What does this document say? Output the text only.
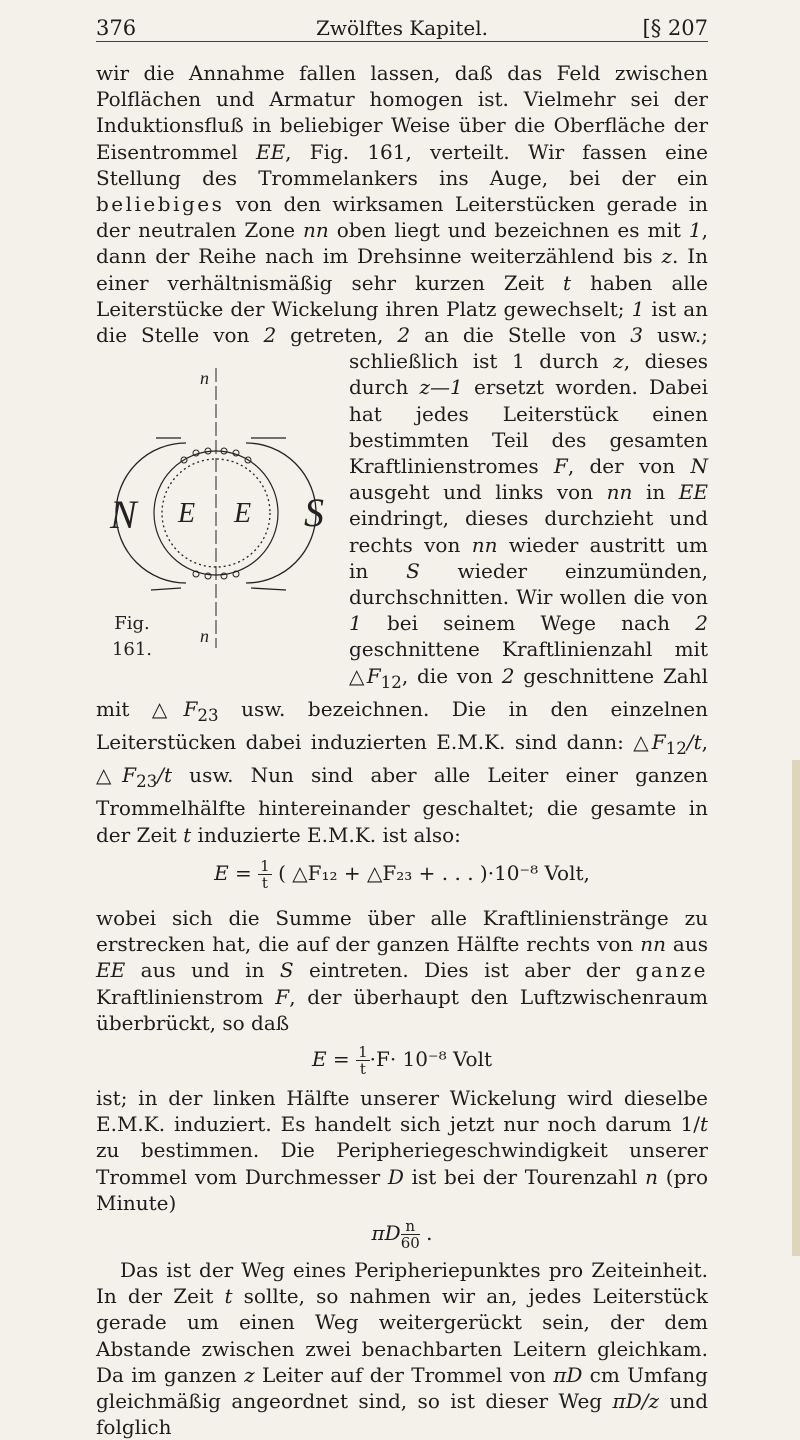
376	Zwölftes Kapitel.	[§ 207

wir die Annahme fallen lassen, daß das Feld zwischen Polflächen und Armatur homogen ist. Vielmehr sei der Induktionsfluß in beliebiger Weise über die Oberfläche der Eisentrommel EE, Fig. 161, verteilt. Wir fassen eine Stellung des Trommelankers ins Auge, bei der ein beliebiges von den wirksamen Leiterstücken gerade in der neutralen Zone nn oben liegt und bezeichnen es mit 1, dann der Reihe nach im Drehsinne weiterzählend bis z. In einer verhältnismäßig sehr kurzen Zeit t haben alle Leiterstücke der Wickelung ihren Platz gewechselt; 1 ist an die Stelle von 2 getreten, 2 an die Stelle von 3 usw.; schließlich ist
N	S
E E
n
n
Fig. 161.
1 durch z, dieses durch z—1 ersetzt worden. Dabei hat jedes Leiterstück einen bestimmten Teil des gesamten Kraftlinienstromes F, der von N ausgeht und links von nn in EE eindringt, dieses durchzieht und rechts von nn wieder austritt um in S wieder einzumünden, durchschnitten. Wir wollen die von 1 bei seinem Wege nach 2 geschnittene Kraftlinienzahl mit $\triangle F_{12}$, die von 2 geschnittene Zahl mit $\triangle F_{23}$ usw. bezeichnen. Die in den einzelnen Leiterstücken dabei induzierten E.M.K. sind dann: $\triangle F_{12}/t$, $\triangle F_{23}/t$ usw. Nun sind aber alle Leiter einer ganzen Trommelhälfte hintereinander geschaltet; die gesamte in der Zeit t induzierte E.M.K. ist also:

$E = \frac{1}{t}$ ( △F₁₂ + △F₂₃ + . . . )·10⁻⁸ Volt,

wobei sich die Summe über alle Kraftlinienstränge zu erstrecken hat, die auf der ganzen Hälfte rechts von nn aus EE aus und in S eintreten. Dies ist aber der ganze Kraftlinienstrom F, der überhaupt den Luftzwischenraum überbrückt, so daß

$E = \frac{1}{t} \cdot F\cdot 10^{-8}$ Volt

ist; in der linken Hälfte unserer Wickelung wird dieselbe E.M.K. induziert. Es handelt sich jetzt nur noch darum 1/t zu bestimmen. Die Peripheriegeschwindigkeit unserer Trommel vom Durchmesser D ist bei der Tourenzahl n (pro Minute)

πD $\frac{n}{60}$ .

Das ist der Weg eines Peripheriepunktes pro Zeiteinheit. In der Zeit t sollte, so nahmen wir an, jedes Leiterstück gerade um einen Weg weitergerückt sein, der dem Abstande zwischen zwei benachbarten Leitern gleichkam. Da im ganzen z Leiter auf der Trommel von πD cm Umfang gleichmäßig angeordnet sind, so ist dieser Weg πD/z und folglich
